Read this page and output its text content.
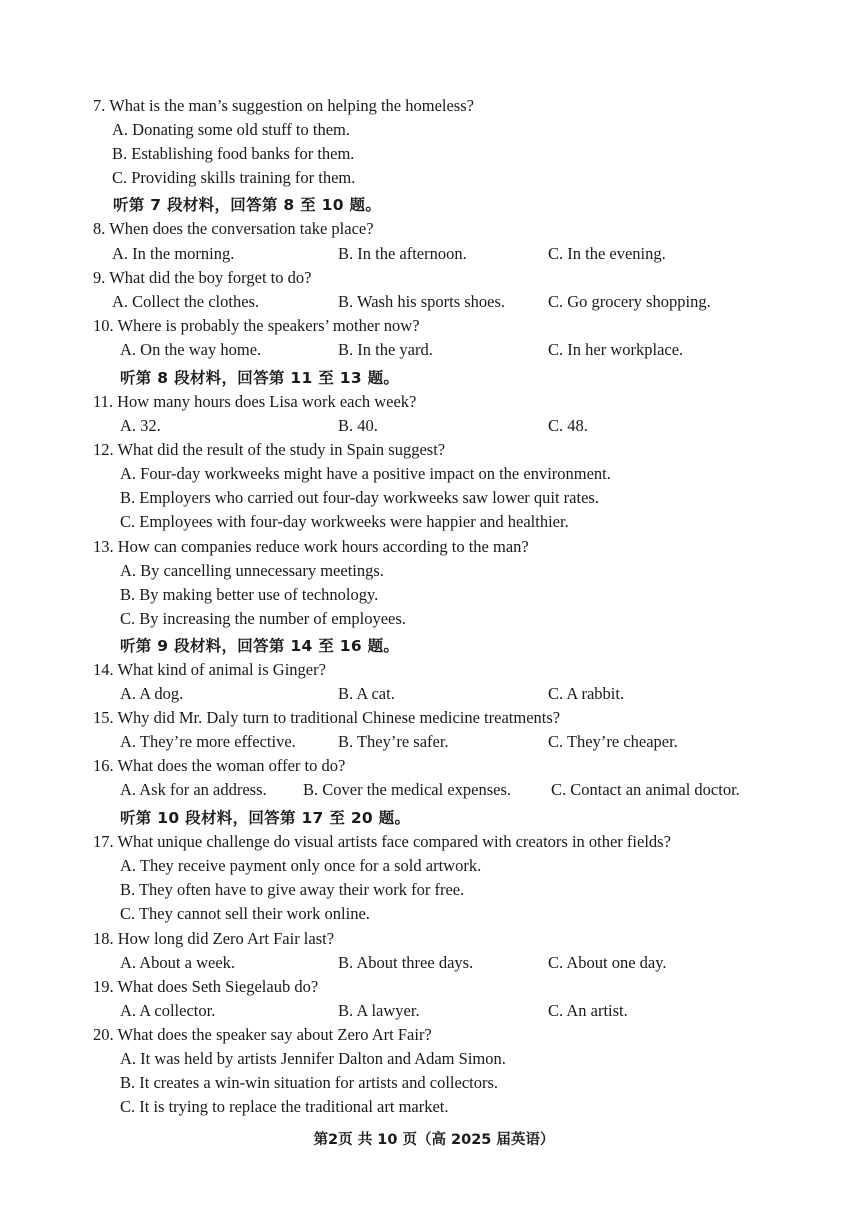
7. What is the man’s suggestion on helping the homeless?
A. Donating some old stuff to them.
B. Establishing food banks for them.
C. Providing skills training for them.
听第 7 段材料，回答第 8 至 10 题。
8. When does the conversation take place?
A. In the morning.	B. In the afternoon.	C. In the evening.
9. What did the boy forget to do?
A. Collect the clothes.	B. Wash his sports shoes.	C. Go grocery shopping.
10. Where is probably the speakers’ mother now?
A. On the way home.	B. In the yard.	C. In her workplace.
听第 8 段材料，回答第 11 至 13 题。
11. How many hours does Lisa work each week?
A. 32.	B. 40.	C. 48.
12. What did the result of the study in Spain suggest?
A. Four-day workweeks might have a positive impact on the environment.
B. Employers who carried out four-day workweeks saw lower quit rates.
C. Employees with four-day workweeks were happier and healthier.
13. How can companies reduce work hours according to the man?
A. By cancelling unnecessary meetings.
B. By making better use of technology.
C. By increasing the number of employees.
听第 9 段材料，回答第 14 至 16 题。
14. What kind of animal is Ginger?
A. A dog.	B. A cat.	C. A rabbit.
15. Why did Mr. Daly turn to traditional Chinese medicine treatments?
A. They’re more effective.	B. They’re safer.	C. They’re cheaper.
16. What does the woman offer to do?
A. Ask for an address. B. Cover the medical expenses. C. Contact an animal doctor.
听第 10 段材料，回答第 17 至 20 题。
17. What unique challenge do visual artists face compared with creators in other fields?
A. They receive payment only once for a sold artwork.
B. They often have to give away their work for free.
C. They cannot sell their work online.
18. How long did Zero Art Fair last?
A. About a week.	B. About three days.	C. About one day.
19. What does Seth Siegelaub do?
A. A collector.	B. A lawyer.	C. An artist.
20. What does the speaker say about Zero Art Fair?
A. It was held by artists Jennifer Dalton and Adam Simon.
B. It creates a win-win situation for artists and collectors.
C. It is trying to replace the traditional art market.
第2页 共 10 页（高 2025 届英语）
